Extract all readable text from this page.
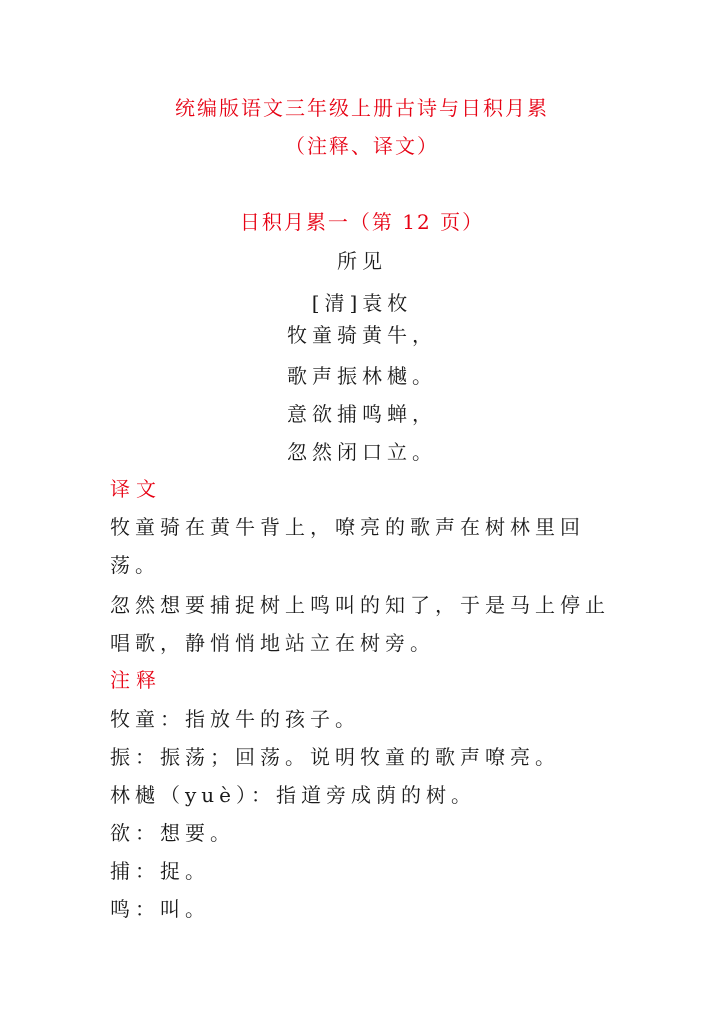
统编版语文三年级上册古诗与日积月累
（注释、译文）
日积月累一（第 12 页）
所见
[清]袁枚
牧童骑黄牛，
歌声振林樾。
意欲捕鸣蝉，
忽然闭口立。
译文
牧童骑在黄牛背上，嘹亮的歌声在树林里回
荡。
忽然想要捕捉树上鸣叫的知了，于是马上停止
唱歌，静悄悄地站立在树旁。
注释
牧童：指放牛的孩子。
振：振荡；回荡。说明牧童的歌声嘹亮。
林樾（yuè）：指道旁成荫的树。
欲：想要。
捕：捉。
鸣：叫。
